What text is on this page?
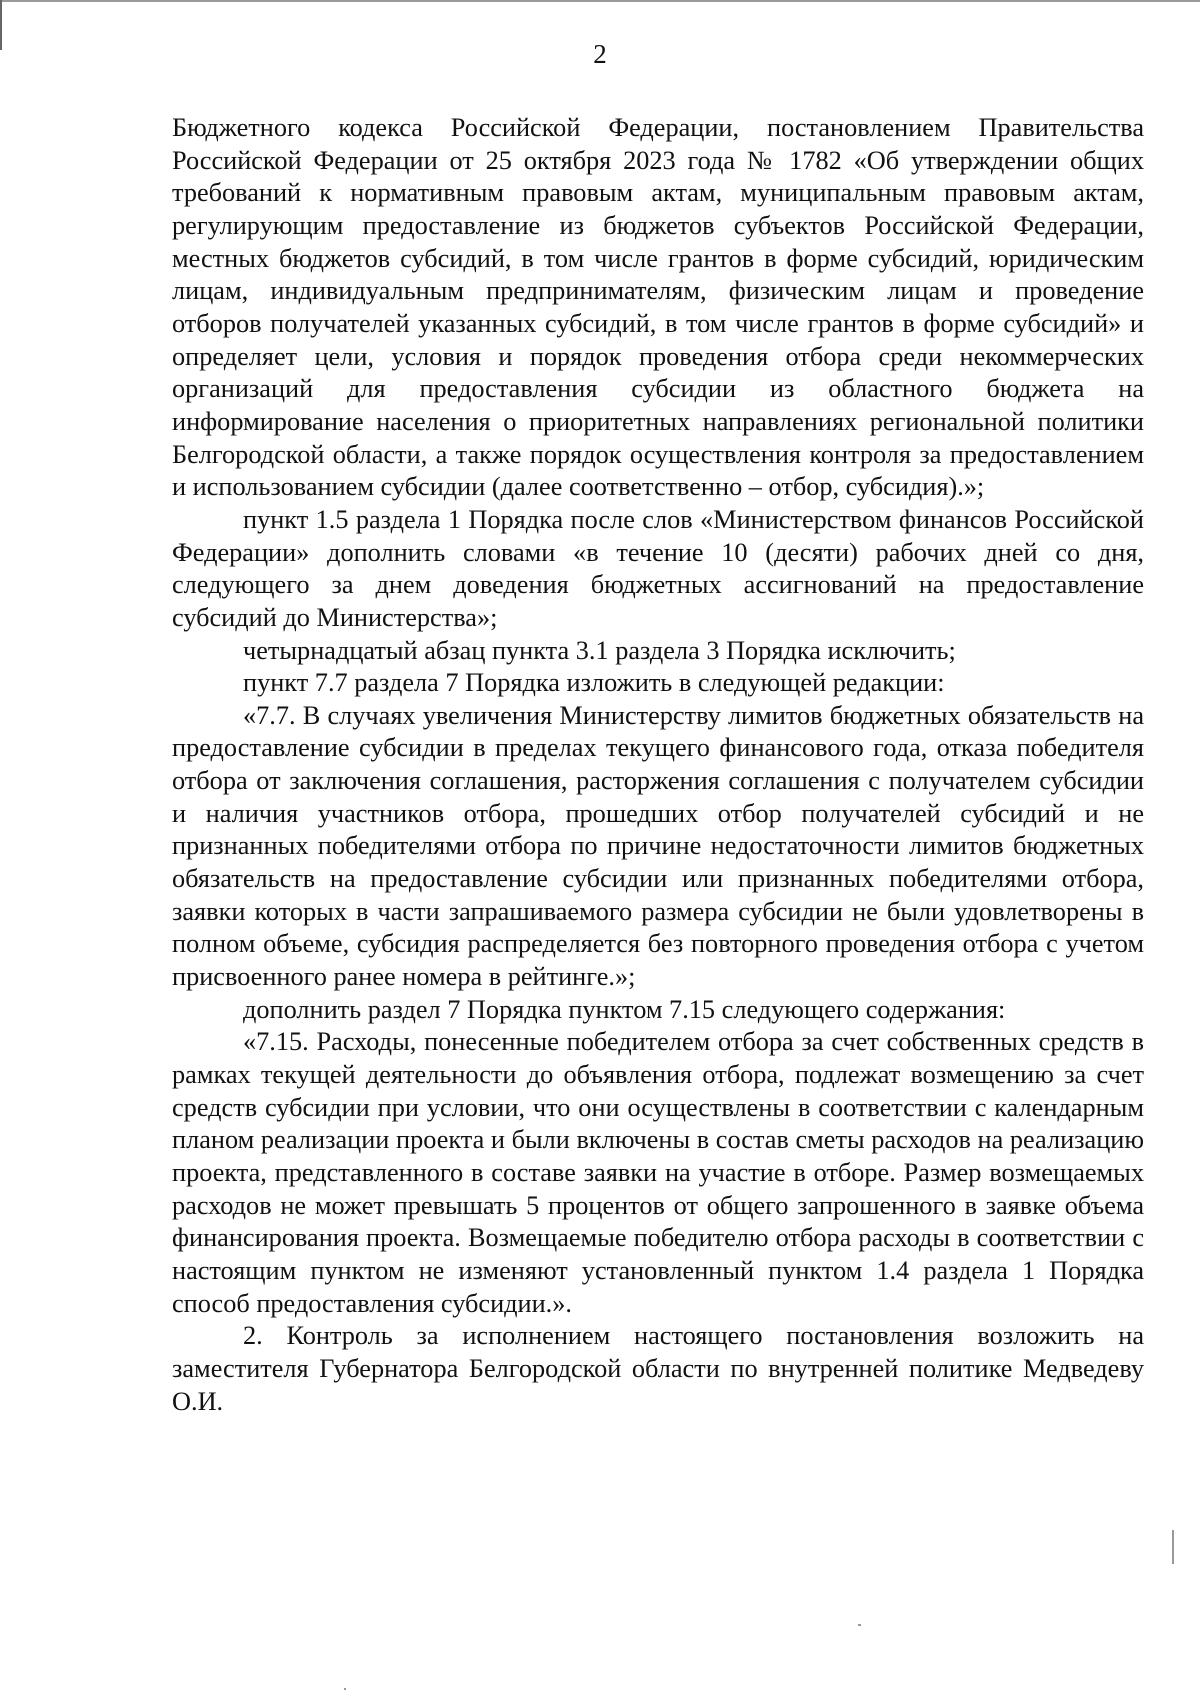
2

Бюджетного кодекса Российской Федерации, постановлением Правительства Российской Федерации от 25 октября 2023 года № 1782 «Об утверждении общих требований к нормативным правовым актам, муниципальным правовым актам, регулирующим предоставление из бюджетов субъектов Российской Федерации, местных бюджетов субсидий, в том числе грантов в форме субсидий, юридическим лицам, индивидуальным предпринимателям, физическим лицам и проведение отборов получателей указанных субсидий, в том числе грантов в форме субсидий» и определяет цели, условия и порядок проведения отбора среди некоммерческих организаций для предоставления субсидии из областного бюджета на информирование населения о приоритетных направлениях региональной политики Белгородской области, а также порядок осуществления контроля за предоставлением и использованием субсидии (далее соответственно – отбор, субсидия).»;

пункт 1.5 раздела 1 Порядка после слов «Министерством финансов Российской Федерации» дополнить словами «в течение 10 (десяти) рабочих дней со дня, следующего за днем доведения бюджетных ассигнований на предоставление субсидий до Министерства»;

четырнадцатый абзац пункта 3.1 раздела 3 Порядка исключить;

пункт 7.7 раздела 7 Порядка изложить в следующей редакции:

«7.7. В случаях увеличения Министерству лимитов бюджетных обязательств на предоставление субсидии в пределах текущего финансового года, отказа победителя отбора от заключения соглашения, расторжения соглашения с получателем субсидии и наличия участников отбора, прошедших отбор получателей субсидий и не признанных победителями отбора по причине недостаточности лимитов бюджетных обязательств на предоставление субсидии или признанных победителями отбора, заявки которых в части запрашиваемого размера субсидии не были удовлетворены в полном объеме, субсидия распределяется без повторного проведения отбора с учетом присвоенного ранее номера в рейтинге.»;

дополнить раздел 7 Порядка пунктом 7.15 следующего содержания:

«7.15. Расходы, понесенные победителем отбора за счет собственных средств в рамках текущей деятельности до объявления отбора, подлежат возмещению за счет средств субсидии при условии, что они осуществлены в соответствии с календарным планом реализации проекта и были включены в состав сметы расходов на реализацию проекта, представленного в составе заявки на участие в отборе. Размер возмещаемых расходов не может превышать 5 процентов от общего запрошенного в заявке объема финансирования проекта. Возмещаемые победителю отбора расходы в соответствии с настоящим пунктом не изменяют установленный пунктом 1.4 раздела 1 Порядка способ предоставления субсидии.».

2. Контроль за исполнением настоящего постановления возложить на заместителя Губернатора Белгородской области по внутренней политике Медведеву О.И.
